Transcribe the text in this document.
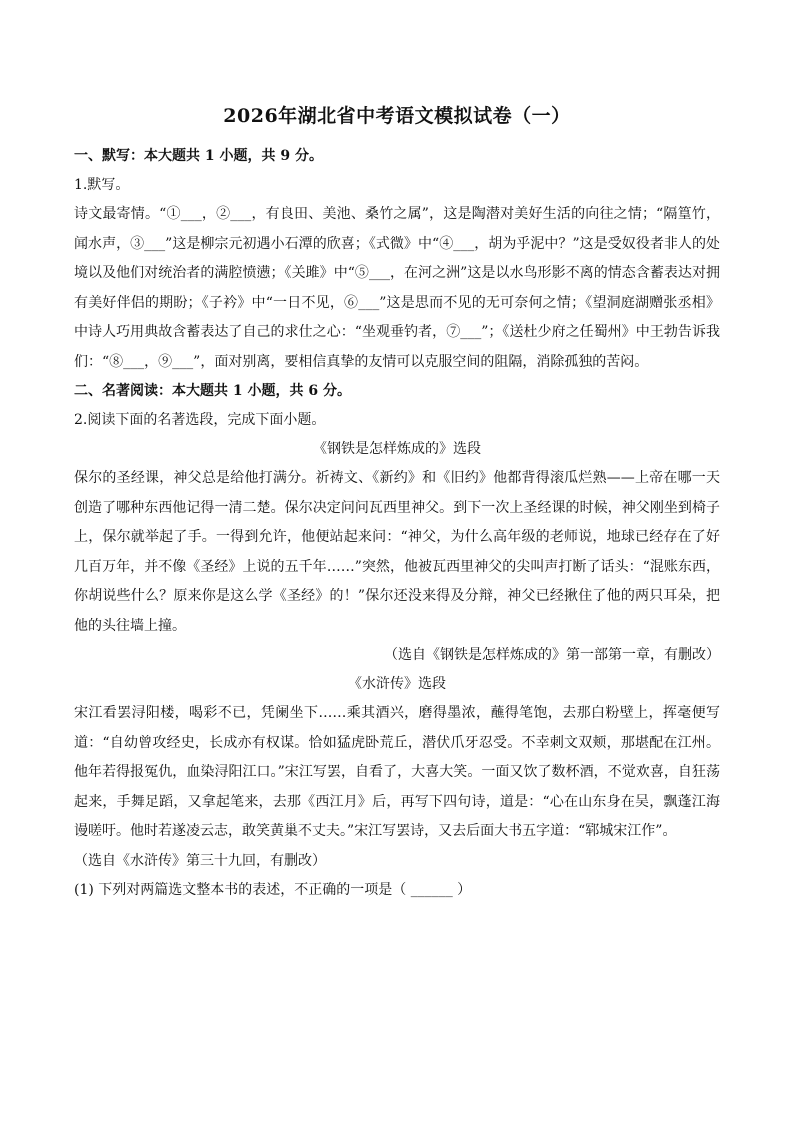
2026年湖北省中考语文模拟试卷（一）
一、默写：本大题共 1 小题，共 9 分。
1.默写。

诗文最寄情。“①___，②___，有良田、美池、桑竹之属”，这是陶潜对美好生活的向往之情；“隔篁竹，闻水声，③___”这是柳宗元初遇小石潭的欣喜；《式微》中“④___，胡为乎泥中？”这是受奴役者非人的处境以及他们对统治者的满腔愤懑；《关雎》中“⑤___，在河之洲”这是以水鸟形影不离的情态含蓄表达对拥有美好伴侣的期盼；《子衿》中“一日不见，⑥___”这是思而不见的无可奈何之情；《望洞庭湖赠张丞相》中诗人巧用典故含蓄表达了自己的求仕之心：“坐观垂钓者，⑦___”；《送杜少府之任蜀州》中王勃告诉我们：“⑧___，⑨___”，面对别离，要相信真挚的友情可以克服空间的阻隔，消除孤独的苦闷。

二、名著阅读：本大题共 1 小题，共 6 分。
2.阅读下面的名著选段，完成下面小题。
《钢铁是怎样炼成的》选段

保尔的圣经课，神父总是给他打满分。祈祷文、《新约》和《旧约》他都背得滚瓜烂熟——上帝在哪一天创造了哪种东西他记得一清二楚。保尔决定问问瓦西里神父。到下一次上圣经课的时候，神父刚坐到椅子上，保尔就举起了手。一得到允许，他便站起来问：“神父，为什么高年级的老师说，地球已经存在了好几百万年，并不像《圣经》上说的五千年……”突然，他被瓦西里神父的尖叫声打断了话头：“混账东西，你胡说些什么？原来你是这么学《圣经》的！”保尔还没来得及分辩，神父已经揪住了他的两只耳朵，把他的头往墙上撞。

（选自《钢铁是怎样炼成的》第一部第一章，有删改）
《水浒传》选段

宋江看罢浔阳楼，喝彩不已，凭阑坐下……乘其酒兴，磨得墨浓，蘸得笔饱，去那白粉壁上，挥毫便写道：“自幼曾攻经史，长成亦有权谋。恰如猛虎卧荒丘，潜伏爪牙忍受。不幸刺文双颊，那堪配在江州。他年若得报冤仇，血染浔阳江口。”宋江写罢，自看了，大喜大笑。一面又饮了数杯酒，不觉欢喜，自狂荡起来，手舞足蹈，又拿起笔来，去那《西江月》后，再写下四句诗，道是：“心在山东身在吴，飘蓬江海谩嗟吁。他时若遂凌云志，敢笑黄巢不丈夫。”宋江写罢诗，又去后面大书五字道：“郓城宋江作”。

（选自《水浒传》第三十九回，有删改）
(1) 下列对两篇选文整本书的表述，不正确的一项是（ ______ ）
